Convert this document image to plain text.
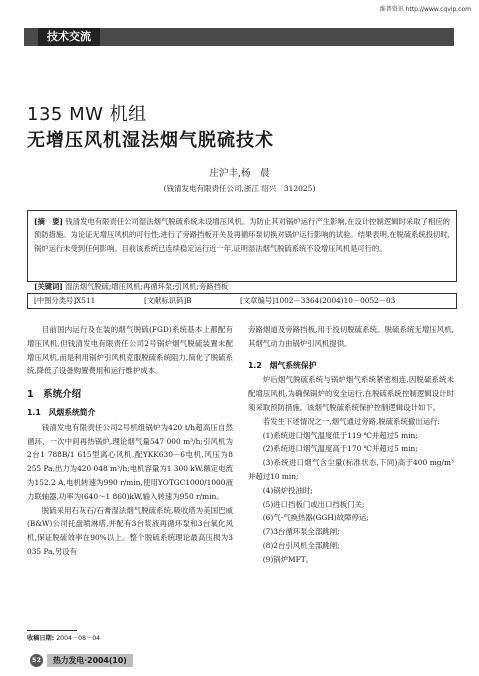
维普资讯 http://www.cqvip.com
技术交流
135 MW 机组
无增压风机湿法烟气脱硫技术
庄沪丰,杨　晨
(钱清发电有限责任公司,浙江 绍兴　312025)
[摘　要] 钱清发电有限责任公司湿法烟气脱硫系统未设增压风机。为防止其对锅炉运行产生影响,在设计控制逻辑时采取了相应的预防措施。为论证无增压风机的可行性,进行了旁路挡板开关及再循环泵切换对锅炉运行影响的试验。结果表明,在脱硫系统投切时,锅炉运行未受到任何影响。目前该系统已连续稳定运行近一年,证明湿法烟气脱硫系统不设增压风机是可行的。
[关键词] 湿法烟气脱硫;增压风机;再循环泵;引风机;旁路挡板
[中图分类号]X511	[文献标识码]B	[文章编号]1002－3364(2004)10－0052－03

目前国内运行及在装的烟气脱硫(FGD)系统基本上都配有增压风机,但钱清发电有限责任公司2号锅炉烟气脱硫装置未配增压风机,而是利用锅炉引风机克服脱硫系统阻力,简化了脱硫系统,降低了设备购置费用和运行维护成本。

1　系统介绍
1.1　风烟系统简介

钱清发电有限责任公司2号机组锅炉为420 t/h超高压自然循环、一次中间再热锅炉,理论烟气量547 000 m³/h;引风机为2台1 788B/1 615型离心风机,配YKK630－6电机,风压为8 255 Pa,出力为420 048 m³/h;电机容量为1 300 kW,额定电流为152.2 A,电机转速为990 r/min,使用YOTGC1000/1000液力联轴器,功率为(640～1 860)kW,输入转速为950 r/min。

脱硫采用石灰石/石膏湿法烟气脱硫系统,吸收塔为美国巴威(B&W)公司托盘喷淋塔,并配有3台浆液再循环泵和3台氧化风机,保证脱硫效率在90%以上。整个脱硫系统理论最高压损为3 035 Pa,另设有

旁路烟道及旁路挡板,用于投切脱硫系统。脱硫系统无增压风机,其烟气动力由锅炉引风机提供。

1.2　烟气系统保护

炉后烟气脱硫系统与锅炉烟气系统紧密相连,因脱硫系统未配增压风机,为确保锅炉的安全运行,在脱硫系统控制逻辑设计时须采取预防措施。该烟气脱硫系统保护控制逻辑设计如下。

若发生下述情况之一,烟气通过旁路,脱硫系统撤出运行:

(1)系统进口烟气温度低于119 ℃并超过5 min;

(2)系统进口烟气温度高于170 ℃并超过5 min;

(3)系统进口烟气含尘量(标准状态,下同)高于400 mg/m³并超过10 min;

(4)锅炉投油时;

(5)进口挡板门或出口挡板门关;

(6)气-气换热器(GGH)故障停运;

(7)3台循环泵全部跳闸;

(8)2台引风机全部跳闸;

(9)锅炉MFT。

收稿日期: 2004－08－04
52	热力发电·2004(10)
